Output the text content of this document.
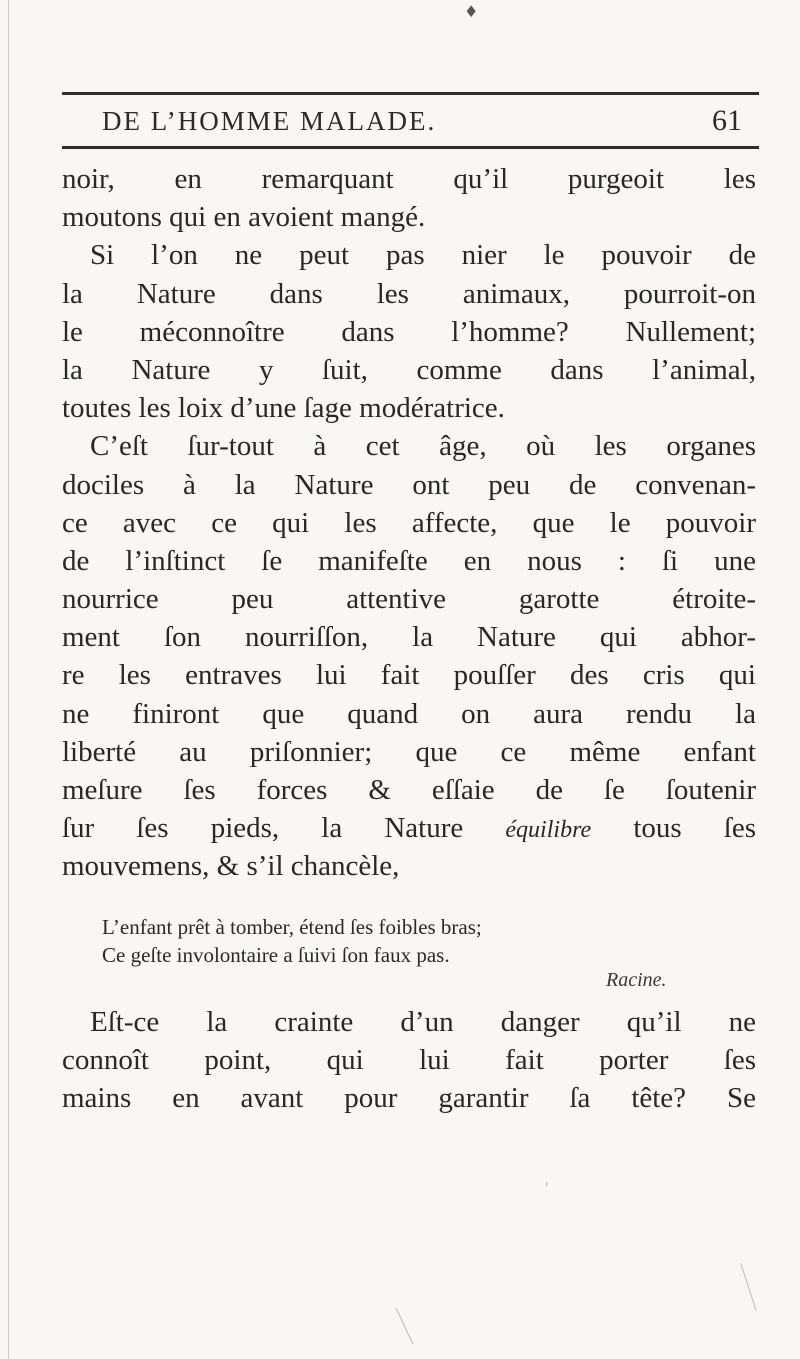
♦
DE L’HOMME MALADE.	61
noir, en remarquant qu’il purgeoit les
moutons qui en avoient mangé.
Si l’on ne peut pas nier le pouvoir de
la Nature dans les animaux, pourroit-on
le méconnoître dans l’homme? Nullement;
la Nature y ſuit, comme dans l’animal,
toutes les loix d’une ſage modératrice.
C’eſt ſur-tout à cet âge, où les organes
dociles à la Nature ont peu de convenan-
ce avec ce qui les affecte, que le pouvoir
de l’inſtinct ſe manifeſte en nous : ſi une
nourrice peu attentive garotte étroite-
ment ſon nourriſſon, la Nature qui abhor-
re les entraves lui fait pouſſer des cris qui
ne finiront que quand on aura rendu la
liberté au priſonnier; que ce même enfant
meſure ſes forces & eſſaie de ſe ſoutenir
ſur ſes pieds, la Nature équilibre tous ſes
mouvemens, & s’il chancèle,
L’enfant prêt à tomber, étend ſes foibles bras;
Ce geſte involontaire a ſuivi ſon faux pas.
Racine.
Eſt-ce la crainte d’un danger qu’il ne
connoît point, qui lui fait porter ſes
mains en avant pour garantir ſa tête? Se
ʿ
